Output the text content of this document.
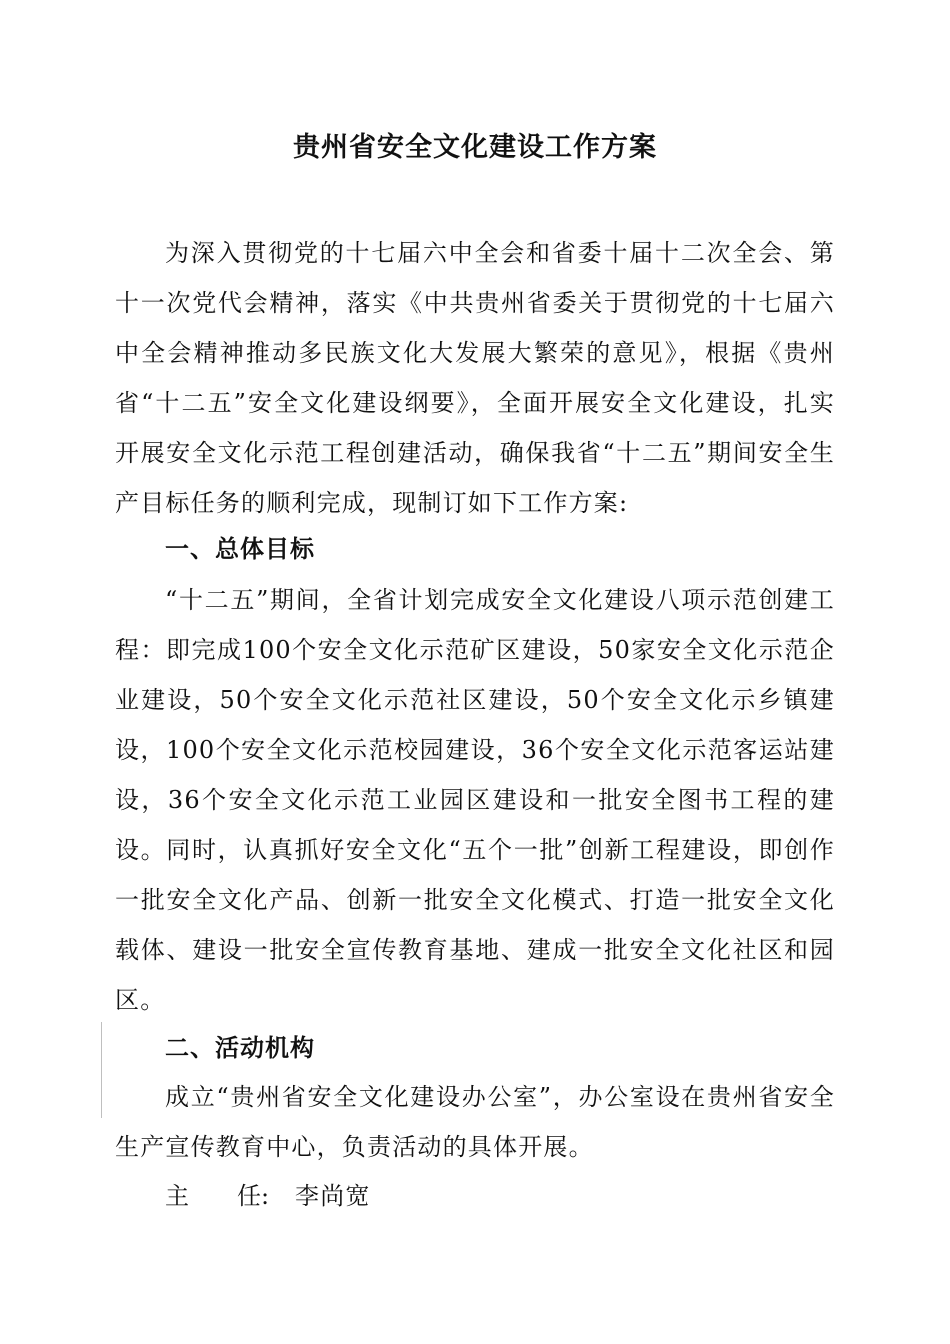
贵州省安全文化建设工作方案

为深入贯彻党的十七届六中全会和省委十届十二次全会、第十一次党代会精神，落实《中共贵州省委关于贯彻党的十七届六中全会精神推动多民族文化大发展大繁荣的意见》，根据《贵州省“十二五”安全文化建设纲要》，全面开展安全文化建设，扎实开展安全文化示范工程创建活动，确保我省“十二五”期间安全生产目标任务的顺利完成，现制订如下工作方案:

一、总体目标

“十二五”期间，全省计划完成安全文化建设八项示范创建工程：即完成100个安全文化示范矿区建设，50家安全文化示范企业建设，50个安全文化示范社区建设，50个安全文化示乡镇建设，100个安全文化示范校园建设，36个安全文化示范客运站建设，36个安全文化示范工业园区建设和一批安全图书工程的建设。同时，认真抓好安全文化“五个一批”创新工程建设，即创作一批安全文化产品、创新一批安全文化模式、打造一批安全文化载体、建设一批安全宣传教育基地、建成一批安全文化社区和园区。

二、活动机构

成立“贵州省安全文化建设办公室”，办公室设在贵州省安全生产宣传教育中心，负责活动的具体开展。

主　　任: 李尚宽
